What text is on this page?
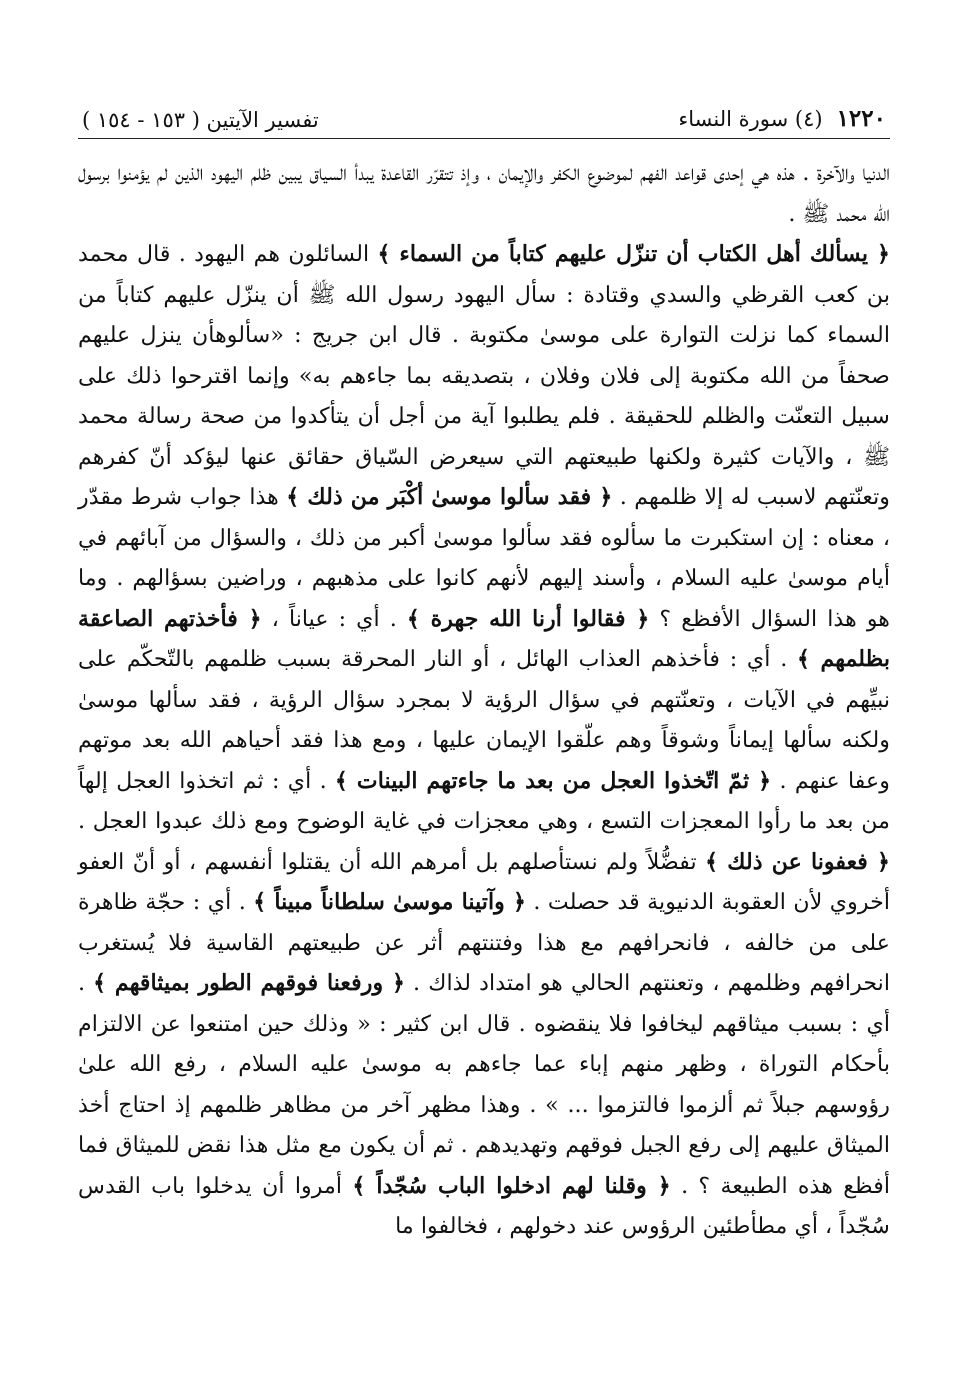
١٢٢٠
(٤) سورة النساء
تفسير الآيتين ( ١٥٣ - ١٥٤ )

الدنيا والآخرة . هذه هي إحدى قواعد الفهم لموضوع الكفر والإيمان ، وإذ تتقرّر القاعدة يبدأ السياق يبين ظلم اليهود الذين لم يؤمنوا برسول الله محمد ﷺ .

﴿ يسألك أهل الكتاب أن تنزّل عليهم كتاباً من السماء ﴾ السائلون هم اليهود . قال محمد بن كعب القرظي والسدي وقتادة : سأل اليهود رسول الله ﷺ أن ينزّل عليهم كتاباً من السماء كما نزلت التوارة على موسىٰ مكتوبة . قال ابن جريج : «سألوهأن ينزل عليهم صحفاً من الله مكتوبة إلى فلان وفلان ، بتصديقه بما جاءهم به» وإنما اقترحوا ذلك على سبيل التعنّت والظلم للحقيقة . فلم يطلبوا آية من أجل أن يتأكدوا من صحة رسالة محمد ﷺ ، والآيات كثيرة ولكنها طبيعتهم التي سيعرض السّياق حقائق عنها ليؤكد أنّ كفرهم وتعنّتهم لاسبب له إلا ظلمهم . ﴿ فقد سألوا موسىٰ أكْبَر من ذلك ﴾ هذا جواب شرط مقدّر ، معناه : إن استكبرت ما سألوه فقد سألوا موسىٰ أكبر من ذلك ، والسؤال من آبائهم في أيام موسىٰ عليه السلام ، وأسند إليهم لأنهم كانوا على مذهبهم ، وراضين بسؤالهم . وما هو هذا السؤال الأفظع ؟ ﴿ فقالوا أرنا الله جهرة ﴾ . أي : عياناً ، ﴿ فأخذتهم الصاعقة بظلمهم ﴾ . أي : فأخذهم العذاب الهائل ، أو النار المحرقة بسبب ظلمهم بالتّحكّم على نبيِّهم في الآيات ، وتعنّتهم في سؤال الرؤية لا بمجرد سؤال الرؤية ، فقد سألها موسىٰ ولكنه سألها إيماناً وشوقاً وهم علّقوا الإيمان عليها ، ومع هذا فقد أحياهم الله بعد موتهم وعفا عنهم . ﴿ ثمّ اتّخذوا العجل من بعد ما جاءتهم البينات ﴾ . أي : ثم اتخذوا العجل إلهاً من بعد ما رأوا المعجزات التسع ، وهي معجزات في غاية الوضوح ومع ذلك عبدوا العجل . ﴿ فعفونا عن ذلك ﴾ تفضُّلاً ولم نستأصلهم بل أمرهم الله أن يقتلوا أنفسهم ، أو أنّ العفو أخروي لأن العقوبة الدنيوية قد حصلت . ﴿ وآتينا موسىٰ سلطاناً مبيناً ﴾ . أي : حجّة ظاهرة على من خالفه ، فانحرافهم مع هذا وفتنتهم أثر عن طبيعتهم القاسية فلا يُستغرب انحرافهم وظلمهم ، وتعنتهم الحالي هو امتداد لذاك . ﴿ ورفعنا فوقهم الطور بميثاقهم ﴾ . أي : بسبب ميثاقهم ليخافوا فلا ينقضوه . قال ابن كثير : « وذلك حين امتنعوا عن الالتزام بأحكام التوراة ، وظهر منهم إباء عما جاءهم به موسىٰ عليه السلام ، رفع الله علىٰ رؤوسهم جبلاً ثم ألزموا فالتزموا ... » . وهذا مظهر آخر من مظاهر ظلمهم إذ احتاج أخذ الميثاق عليهم إلى رفع الجبل فوقهم وتهديدهم . ثم أن يكون مع مثل هذا نقض للميثاق فما أفظع هذه الطبيعة ؟ . ﴿ وقلنا لهم ادخلوا الباب سُجّداً ﴾ أمروا أن يدخلوا باب القدس سُجّداً ، أي مطأطئين الرؤوس عند دخولهم ، فخالفوا ما
